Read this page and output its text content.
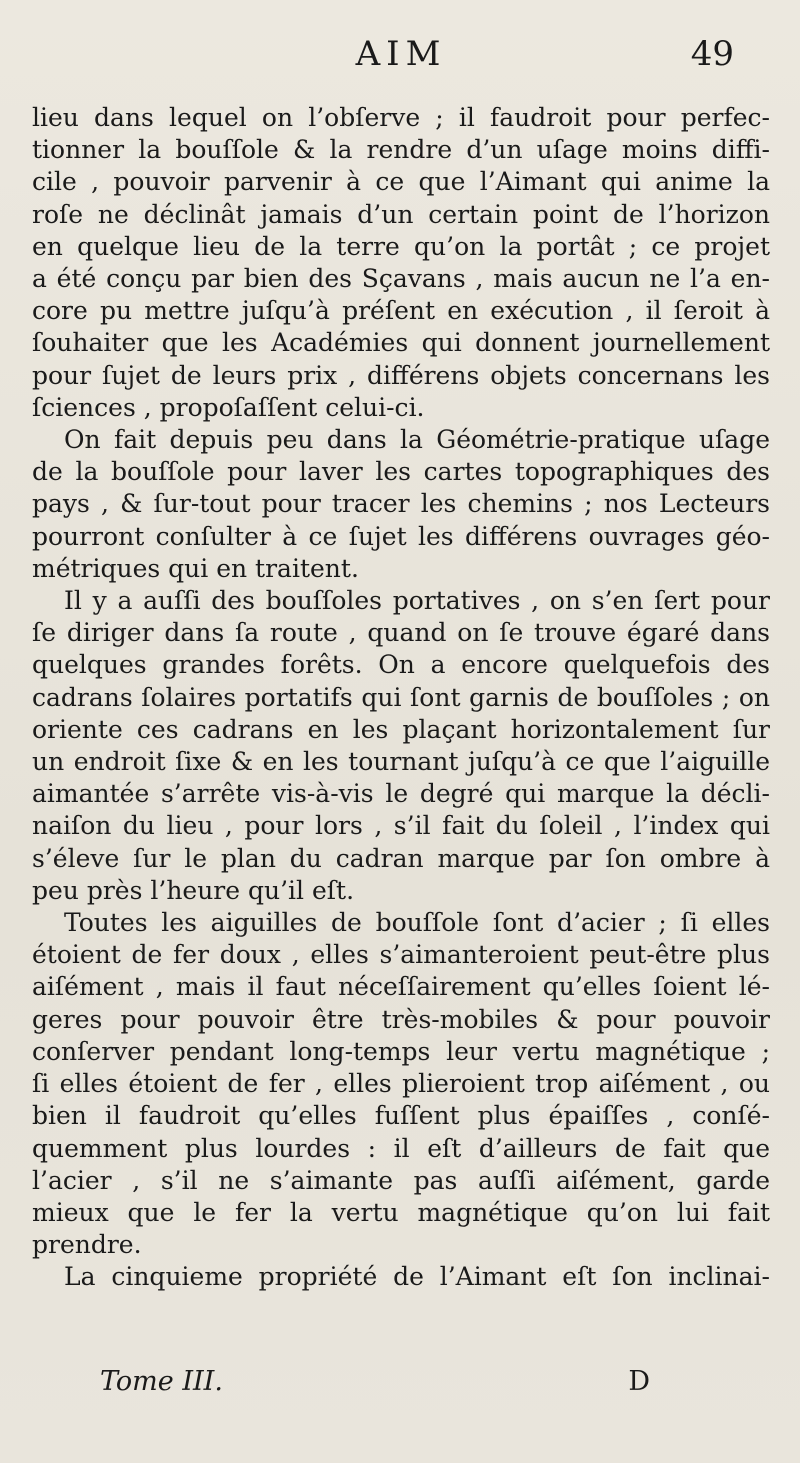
AIM	49
lieu dans lequel on l’obſerve ; il faudroit pour perfec-
tionner la bouſſole & la rendre d’un uſage moins diffi-
cile , pouvoir parvenir à ce que l’Aimant qui anime la
roſe ne déclinât jamais d’un certain point de l’horizon
en quelque lieu de la terre qu’on la portât ; ce projet
a été conçu par bien des Sçavans , mais aucun ne l’a en-
core pu mettre juſqu’à préſent en exécution , il ſeroit à
ſouhaiter que les Académies qui donnent journellement
pour ſujet de leurs prix , différens objets concernans les
ſciences , propoſaſſent celui-ci.
On fait depuis peu dans la Géométrie-pratique uſage
de la bouſſole pour laver les cartes topographiques des
pays , & ſur-tout pour tracer les chemins ; nos Lecteurs
pourront conſulter à ce ſujet les différens ouvrages géo-
métriques qui en traitent.
Il y a auſſi des bouſſoles portatives , on s’en ſert pour
ſe diriger dans ſa route , quand on ſe trouve égaré dans
quelques grandes forêts. On a encore quelquefois des
cadrans ſolaires portatifs qui ſont garnis de bouſſoles ; on
oriente ces cadrans en les plaçant horizontalement ſur
un endroit ſixe & en les tournant juſqu’à ce que l’aiguille
aimantée s’arrête vis-à-vis le degré qui marque la décli-
naiſon du lieu , pour lors , s’il fait du ſoleil , l’index qui
s’éleve ſur le plan du cadran marque par ſon ombre à
peu près l’heure qu’il eſt.
Toutes les aiguilles de bouſſole ſont d’acier ; ſi elles
étoient de fer doux , elles s’aimanteroient peut-être plus
aiſément , mais il faut néceſſairement qu’elles ſoient lé-
geres pour pouvoir être très-mobiles & pour pouvoir
conſerver pendant long-temps leur vertu magnétique ;
ſi elles étoient de fer , elles plieroient trop aiſément , ou
bien il faudroit qu’elles fuſſent plus épaiſſes , conſé-
quemment plus lourdes : il eſt d’ailleurs de fait que
l’acier , s’il ne s’aimante pas auſſi aiſément, garde
mieux que le fer la vertu magnétique qu’on lui fait
prendre.
La cinquieme propriété de l’Aimant eſt ſon inclinai-
Tome III.	D
